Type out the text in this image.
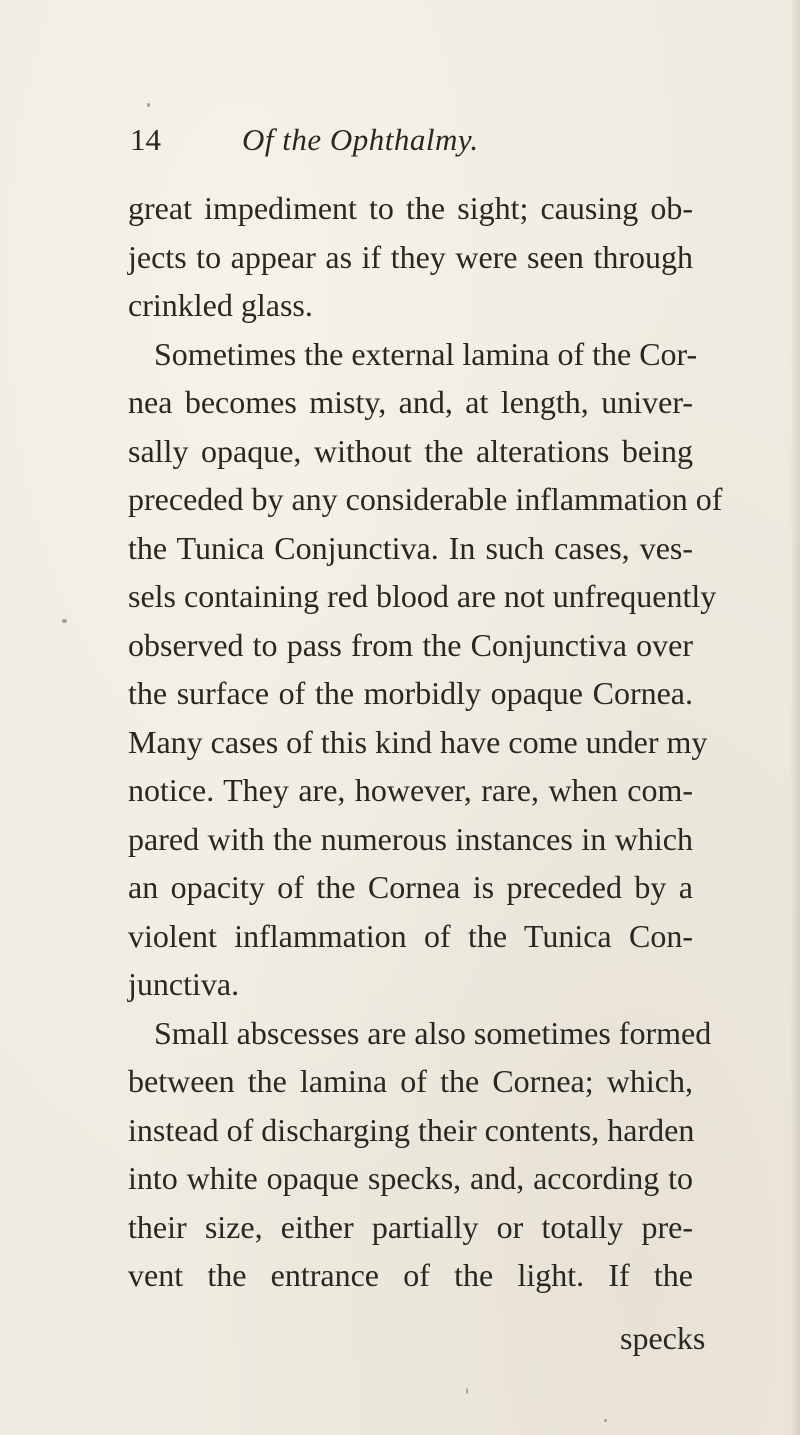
14	Of the Ophthalmy.
great impediment to the sight; causing ob-
jects to appear as if they were seen through
crinkled glass.
Sometimes the external lamina of the Cor-
nea becomes misty, and, at length, univer-
sally opaque, without the alterations being
preceded by any considerable inflammation of
the Tunica Conjunctiva. In such cases, ves-
sels containing red blood are not unfrequently
observed to pass from the Conjunctiva over
the surface of the morbidly opaque Cornea.
Many cases of this kind have come under my
notice. They are, however, rare, when com-
pared with the numerous instances in which
an opacity of the Cornea is preceded by a
violent inflammation of the Tunica Con-
junctiva.
Small abscesses are also sometimes formed
between the lamina of the Cornea; which,
instead of discharging their contents, harden
into white opaque specks, and, according to
their size, either partially or totally pre-
vent the entrance of the light. If the
specks
